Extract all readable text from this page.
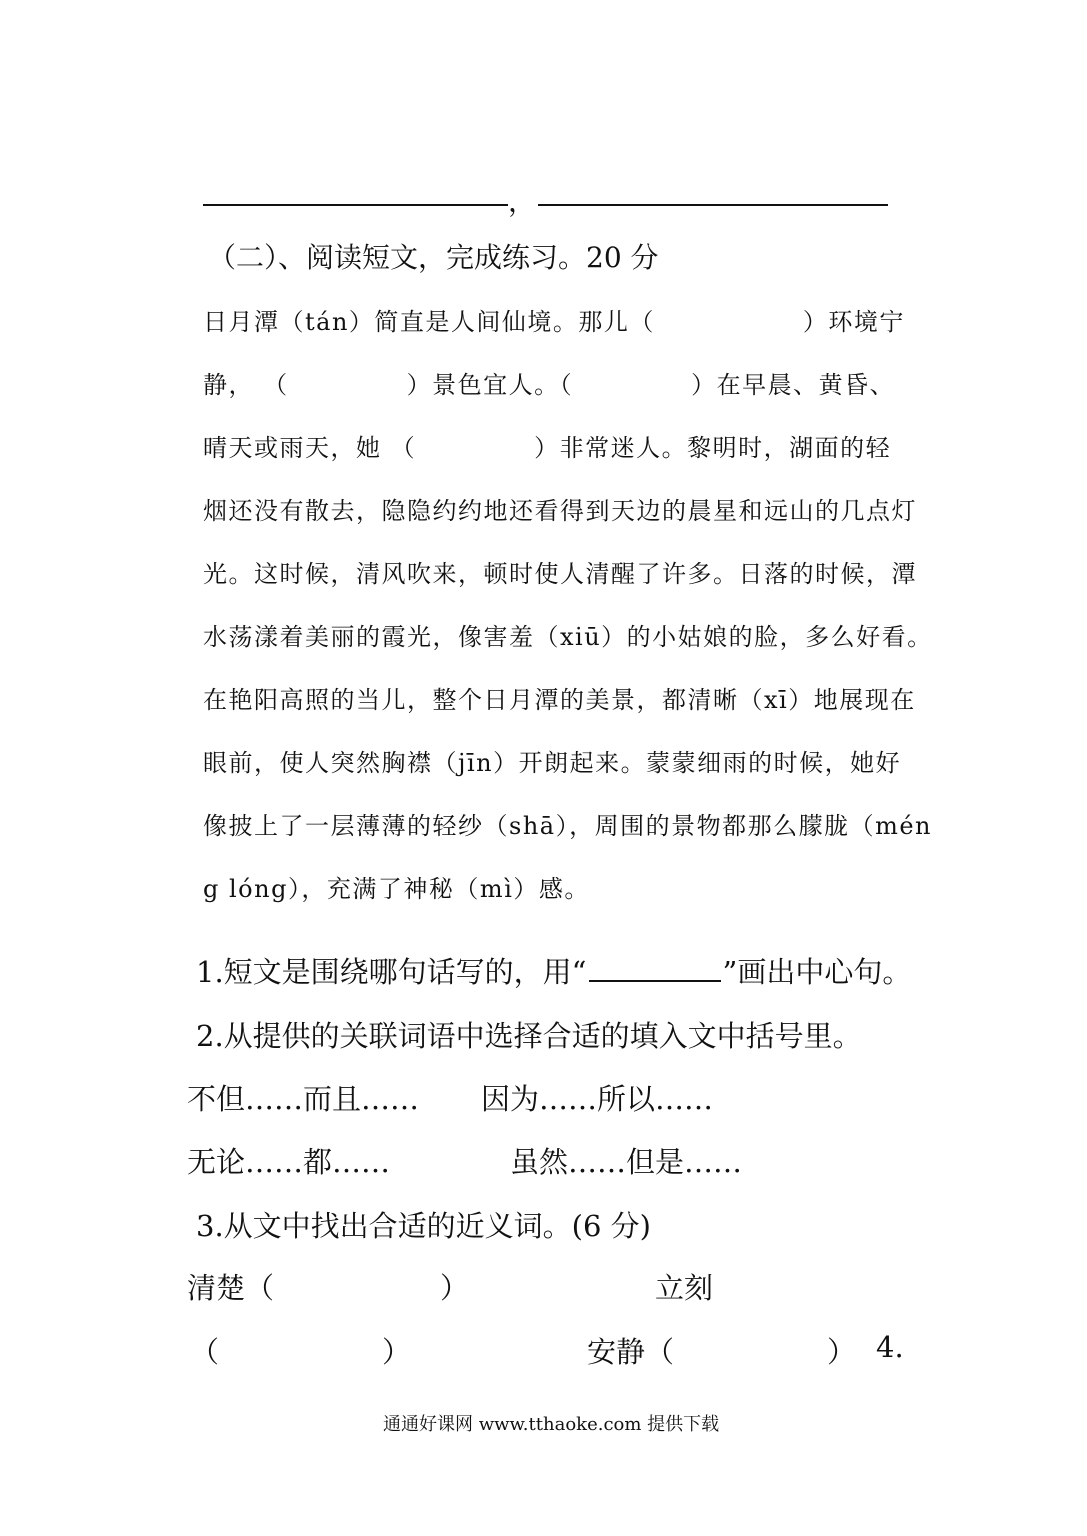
，
（二）、阅读短文，完成练习。20 分
日月潭（tán）简直是人间仙境。那儿（	）环境宁
静， （	）景色宜人。（	）在早晨、黄昏、
晴天或雨天，她 （	）非常迷人。黎明时，湖面的轻
烟还没有散去，隐隐约约地还看得到天边的晨星和远山的几点灯
光。这时候，清风吹来，顿时使人清醒了许多。日落的时候，潭
水荡漾着美丽的霞光，像害羞（xiū）的小姑娘的脸，多么好看。
在艳阳高照的当儿，整个日月潭的美景，都清晰（xī）地展现在
眼前，使人突然胸襟（jīn）开朗起来。蒙蒙细雨的时候，她好
像披上了一层薄薄的轻纱（shā），周围的景物都那么朦胧（mén
g lóng），充满了神秘（mì）感。
1.短文是围绕哪句话写的，用“	”画出中心句。
2.从提供的关联词语中选择合适的填入文中括号里。
不但……而且…… 因为……所以……
无论……都……	虽然……但是……
3.从文中找出合适的近义词。(6 分)
清楚（	）	立刻
（	）	安静（	） 4.
通通好课网 www.tthaoke.com 提供下载
